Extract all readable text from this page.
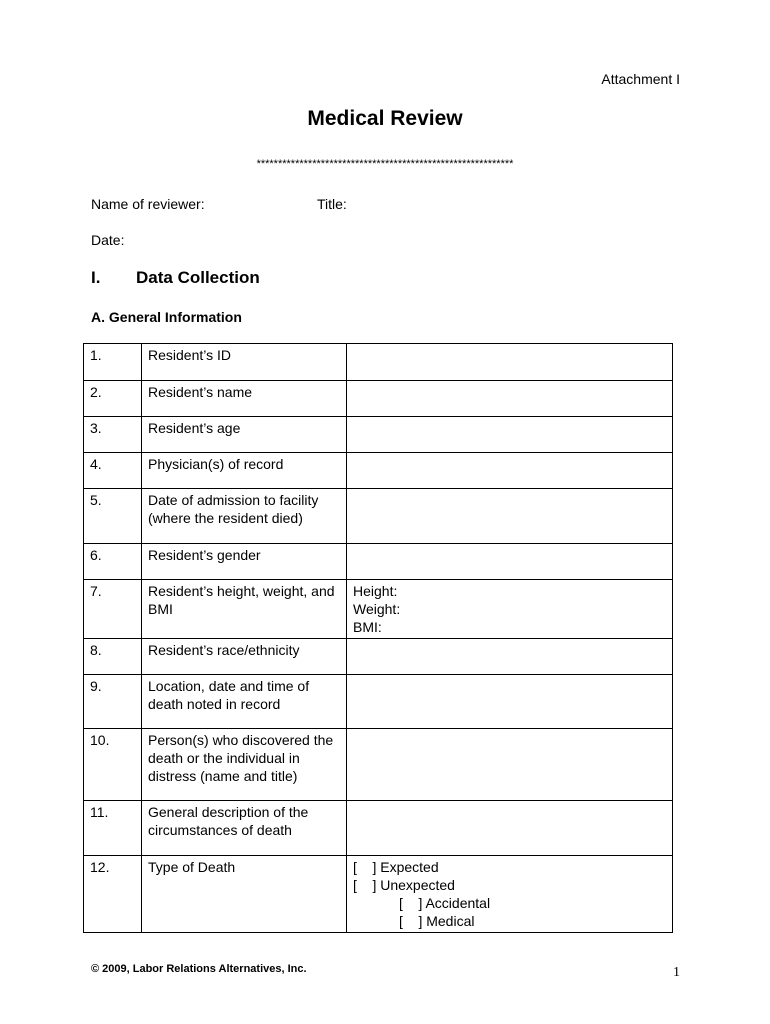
Attachment I
Medical Review
************************************************************
Name of reviewer:	Title:
Date:
I. Data Collection
A. General Information
1.	Resident’s ID	
2.	Resident’s name	
3.	Resident’s age	
4.	Physician(s) of record	
5.	Date of admission to facility (where the resident died)	
6.	Resident’s gender	
7.	Resident’s height, weight, and BMI	Height:
Weight:
BMI:

8.	Resident’s race/ethnicity	
9.	Location, date and time of death noted in record	
10.	Person(s) who discovered the death or the individual in distress (name and title)	
11.	General description of the circumstances of death	
12.	Type of Death	[    ] Expected
[    ] Unexpected
[    ] Accidental
[    ] Medical
© 2009, Labor Relations Alternatives, Inc.	1
